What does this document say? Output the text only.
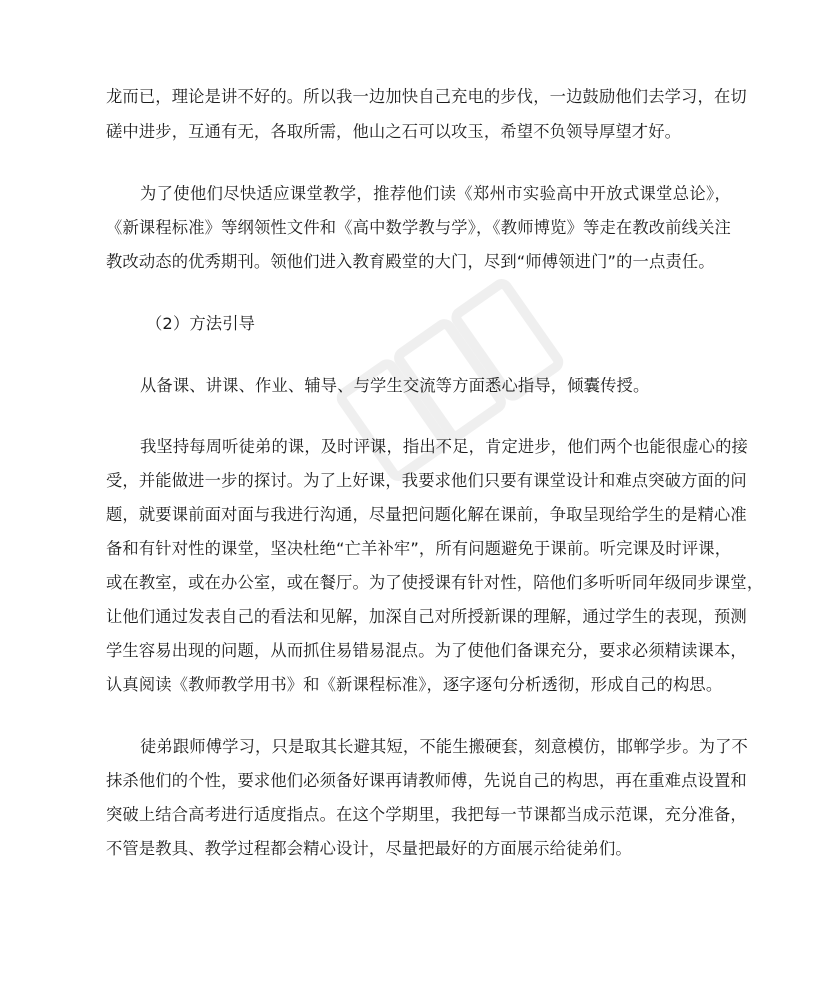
龙而已，理论是讲不好的。所以我一边加快自己充电的步伐，一边鼓励他们去学习，在切
磋中进步，互通有无，各取所需，他山之石可以攻玉，希望不负领导厚望才好。
为了使他们尽快适应课堂教学，推荐他们读《郑州市实验高中开放式课堂总论》，
《新课程标准》等纲领性文件和《高中数学教与学》，《教师博览》等走在教改前线关注
教改动态的优秀期刊。领他们进入教育殿堂的大门，尽到“师傅领进门”的一点责任。
（2）方法引导
从备课、讲课、作业、辅导、与学生交流等方面悉心指导，倾囊传授。
我坚持每周听徒弟的课，及时评课，指出不足，肯定进步，他们两个也能很虚心的接
受，并能做进一步的探讨。为了上好课，我要求他们只要有课堂设计和难点突破方面的问
题，就要课前面对面与我进行沟通，尽量把问题化解在课前，争取呈现给学生的是精心准
备和有针对性的课堂，坚决杜绝“亡羊补牢”，所有问题避免于课前。听完课及时评课，
或在教室，或在办公室，或在餐厅。为了使授课有针对性，陪他们多听听同年级同步课堂，
让他们通过发表自己的看法和见解，加深自己对所授新课的理解，通过学生的表现，预测
学生容易出现的问题，从而抓住易错易混点。为了使他们备课充分，要求必须精读课本，
认真阅读《教师教学用书》和《新课程标准》，逐字逐句分析透彻，形成自己的构思。
徒弟跟师傅学习，只是取其长避其短，不能生搬硬套，刻意模仿，邯郸学步。为了不
抹杀他们的个性，要求他们必须备好课再请教师傅，先说自己的构思，再在重难点设置和
突破上结合高考进行适度指点。在这个学期里，我把每一节课都当成示范课，充分准备，
不管是教具、教学过程都会精心设计，尽量把最好的方面展示给徒弟们。
